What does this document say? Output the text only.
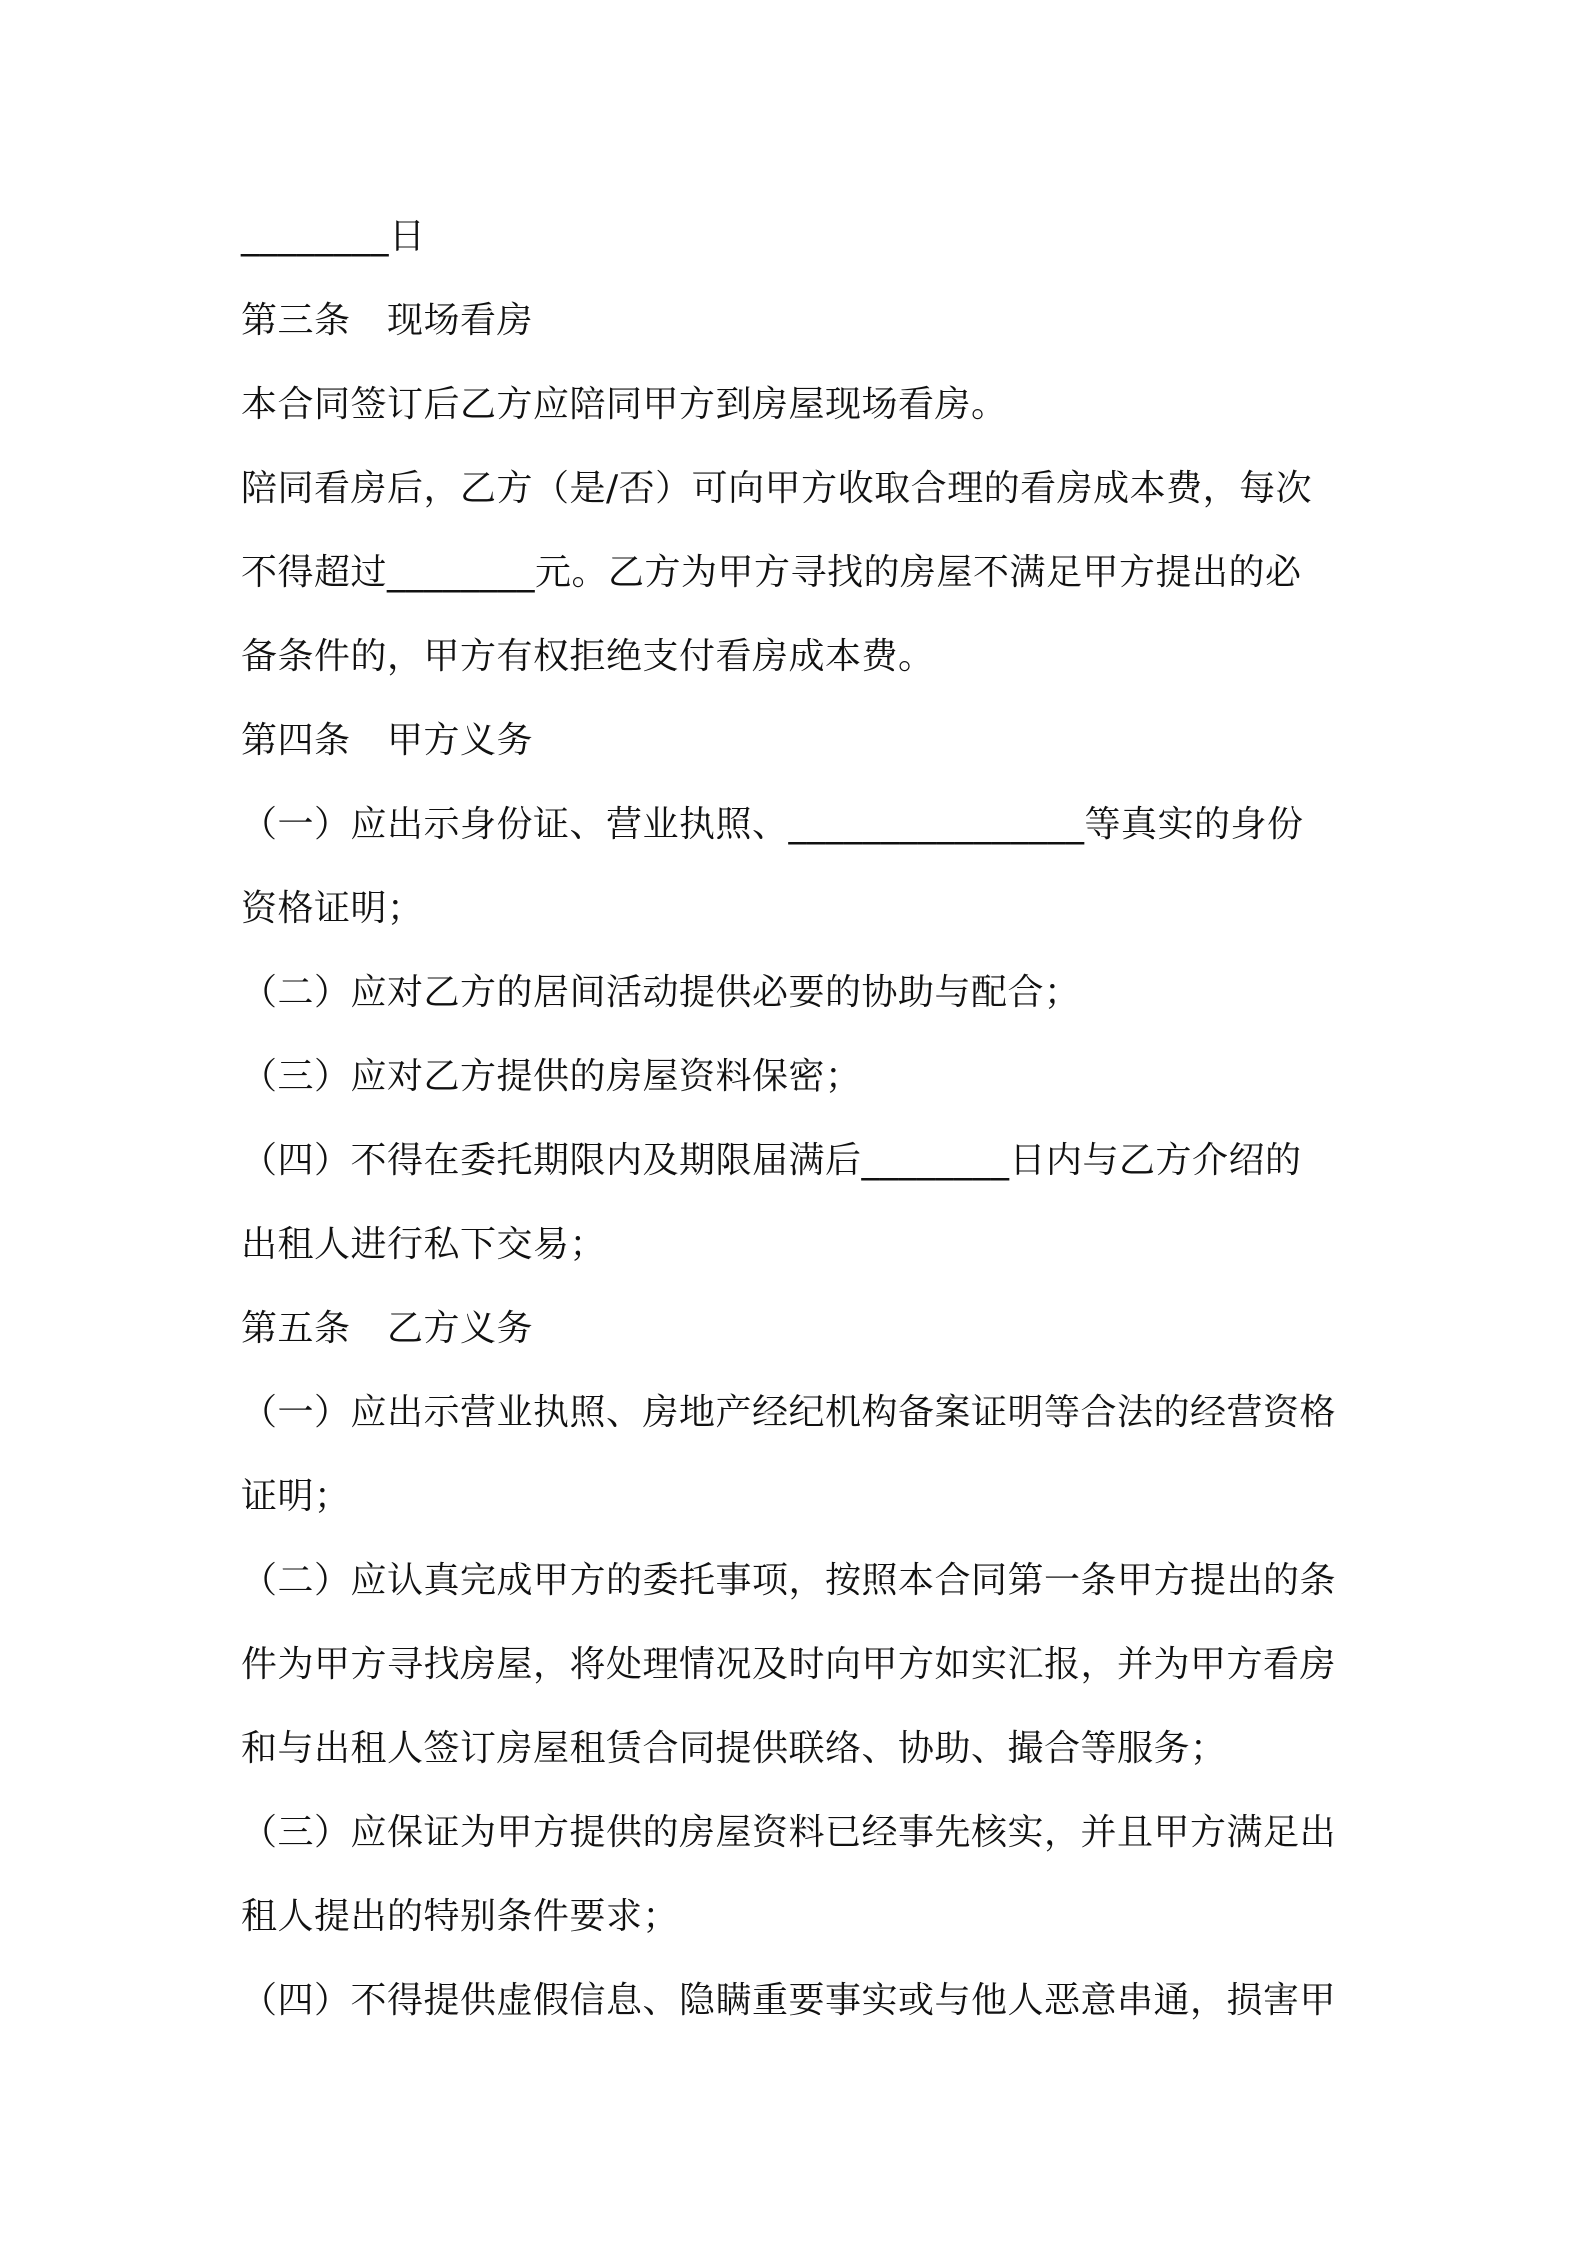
________日
第三条　现场看房
本合同签订后乙方应陪同甲方到房屋现场看房。
陪同看房后，乙方（是/否）可向甲方收取合理的看房成本费，每次
不得超过________元。乙方为甲方寻找的房屋不满足甲方提出的必
备条件的，甲方有权拒绝支付看房成本费。
第四条　甲方义务
（一）应出示身份证、营业执照、________________等真实的身份
资格证明；
（二）应对乙方的居间活动提供必要的协助与配合；
（三）应对乙方提供的房屋资料保密；
（四）不得在委托期限内及期限届满后________日内与乙方介绍的
出租人进行私下交易；
第五条　乙方义务
（一）应出示营业执照、房地产经纪机构备案证明等合法的经营资格
证明；
（二）应认真完成甲方的委托事项，按照本合同第一条甲方提出的条
件为甲方寻找房屋，将处理情况及时向甲方如实汇报，并为甲方看房
和与出租人签订房屋租赁合同提供联络、协助、撮合等服务；
（三）应保证为甲方提供的房屋资料已经事先核实，并且甲方满足出
租人提出的特别条件要求；
（四）不得提供虚假信息、隐瞒重要事实或与他人恶意串通，损害甲
